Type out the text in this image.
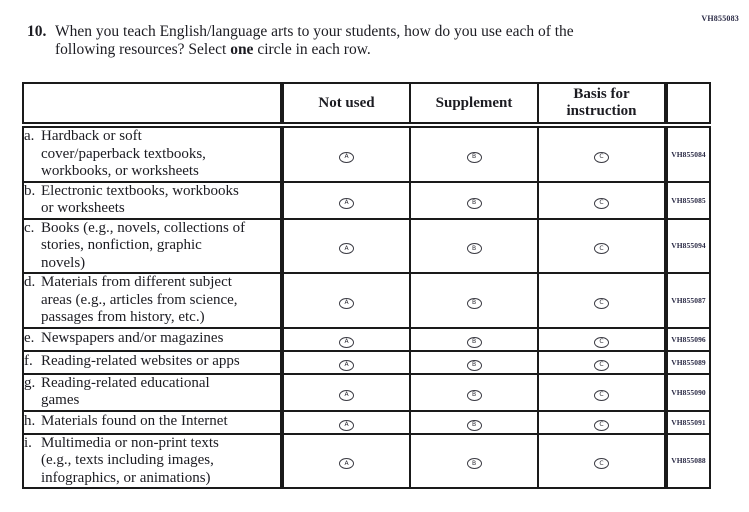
VH855083
10. When you teach English/language arts to your students, how do you use each of the
following resources? Select one circle in each row.
	Not used	Supplement	Basis for
instruction	

a. Hardback or soft
cover/paperback textbooks,
workbooks, or worksheets	A	B	C	VH855084

b. Electronic textbooks, workbooks
or worksheets	A	B	C	VH855085

c. Books (e.g., novels, collections of
stories, nonfiction, graphic
novels)	A	B	C	VH855094

d. Materials from different subject
areas (e.g., articles from science,
passages from history, etc.)	A	B	C	VH855087

e. Newspapers and/or magazines	A	B	C	VH855096

f. Reading-related websites or apps	A	B	C	VH855089

g. Reading-related educational
games	A	B	C	VH855090

h. Materials found on the Internet	A	B	C	VH855091

i. Multimedia or non-print texts
(e.g., texts including images,
infographics, or animations)	A	B	C	VH855088
